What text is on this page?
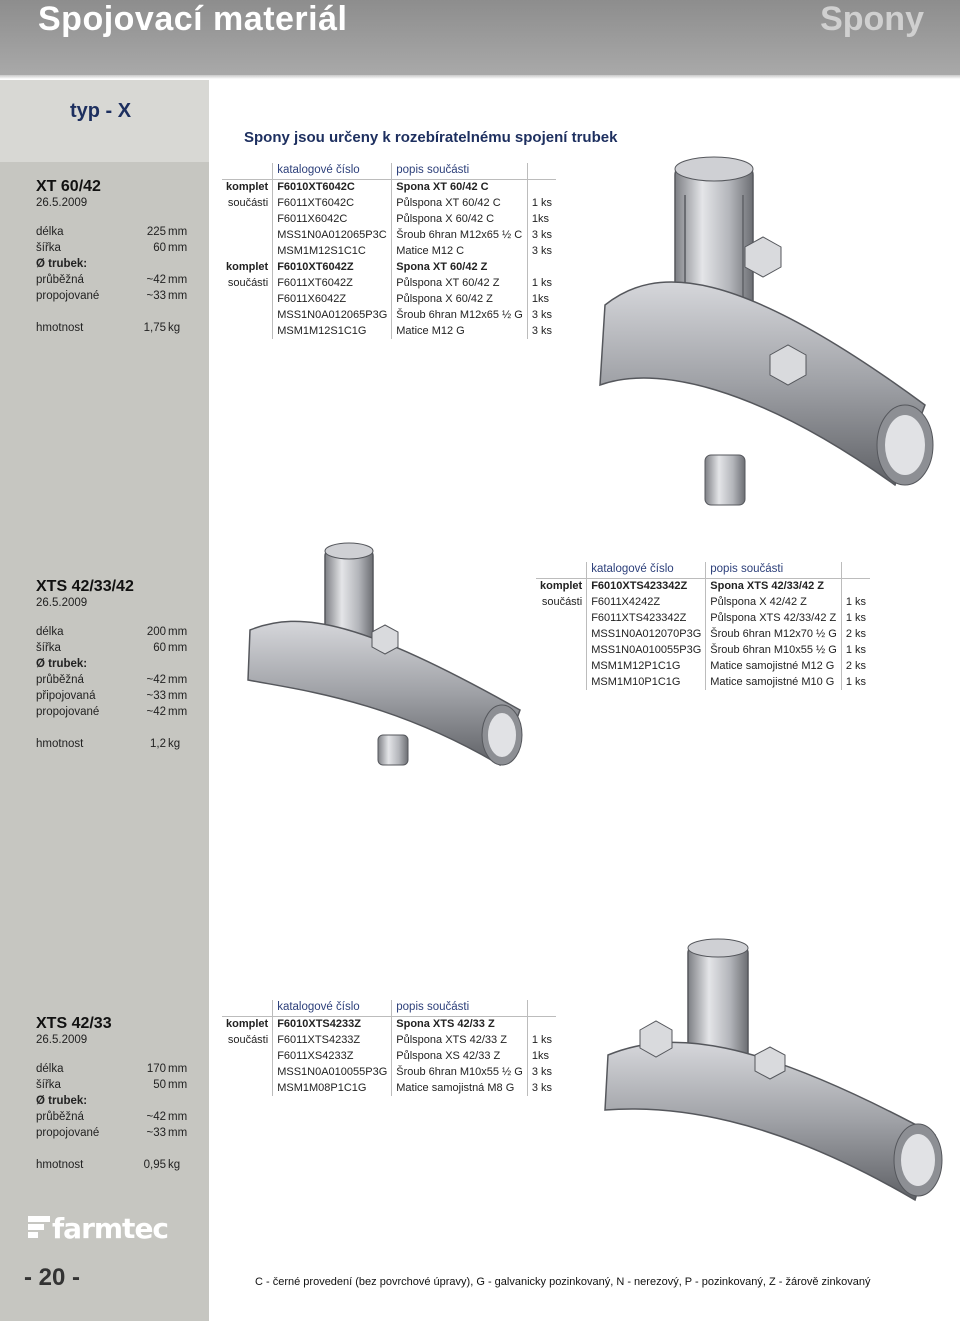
Spojovací materiál	Spony
typ - X
Spony jsou určeny k rozebíratelnému spojení trubek
XT 60/42
26.5.2009
délka	225 mm
šířka	60 mm
Ø trubek:
průběžná	~42 mm
propojované	~33 mm
hmotnost	1,75 kg
	katalogové číslo	popis součásti	
komplet	F6010XT6042C	Spona XT 60/42 C	
součásti	F6011XT6042C	Půlspona XT 60/42 C	1 ks
	F6011X6042C	Půlspona X 60/42 C	1ks
	MSS1N0A012065P3C	Šroub 6hran M12x65 ½ C	3 ks
	MSM1M12S1C1C	Matice M12 C	3 ks
komplet	F6010XT6042Z	Spona XT 60/42 Z	
součásti	F6011XT6042Z	Půlspona XT 60/42 Z	1 ks
	F6011X6042Z	Půlspona X 60/42 Z	1ks
	MSS1N0A012065P3G	Šroub 6hran M12x65 ½ G	3 ks
	MSM1M12S1C1G	Matice M12 G	3 ks
XTS 42/33/42
26.5.2009
délka	200 mm
šířka	60 mm
Ø trubek:
průběžná	~42 mm
připojovaná	~33 mm
propojované	~42 mm
hmotnost	1,2 kg
	katalogové číslo	popis součásti	
komplet	F6010XTS423342Z	Spona XTS 42/33/42 Z	
součásti	F6011X4242Z	Půlspona X 42/42 Z	1 ks
	F6011XTS423342Z	Půlspona XTS 42/33/42 Z	1 ks
	MSS1N0A012070P3G	Šroub 6hran M12x70 ½ G	2 ks
	MSS1N0A010055P3G	Šroub 6hran M10x55 ½ G	1 ks
	MSM1M12P1C1G	Matice samojistné M12 G	2 ks
	MSM1M10P1C1G	Matice samojistné M10 G	1 ks
XTS 42/33
26.5.2009
délka	170 mm
šířka	50 mm
Ø trubek:
průběžná	~42 mm
propojované	~33 mm
hmotnost	0,95 kg
	katalogové číslo	popis součásti	
komplet	F6010XTS4233Z	Spona XTS 42/33 Z	
součásti	F6011XTS4233Z	Půlspona XTS 42/33 Z	1 ks
	F6011XS4233Z	Půlspona XS 42/33 Z	1ks
	MSS1N0A010055P3G	Šroub 6hran M10x55 ½ G	3 ks
	MSM1M08P1C1G	Matice samojistná M8 G	3 ks
farmtec
- 20 -	C - černé provedení (bez povrchové úpravy), G - galvanicky pozinkovaný, N - nerezový, P - pozinkovaný, Z - žárově zinkovaný
